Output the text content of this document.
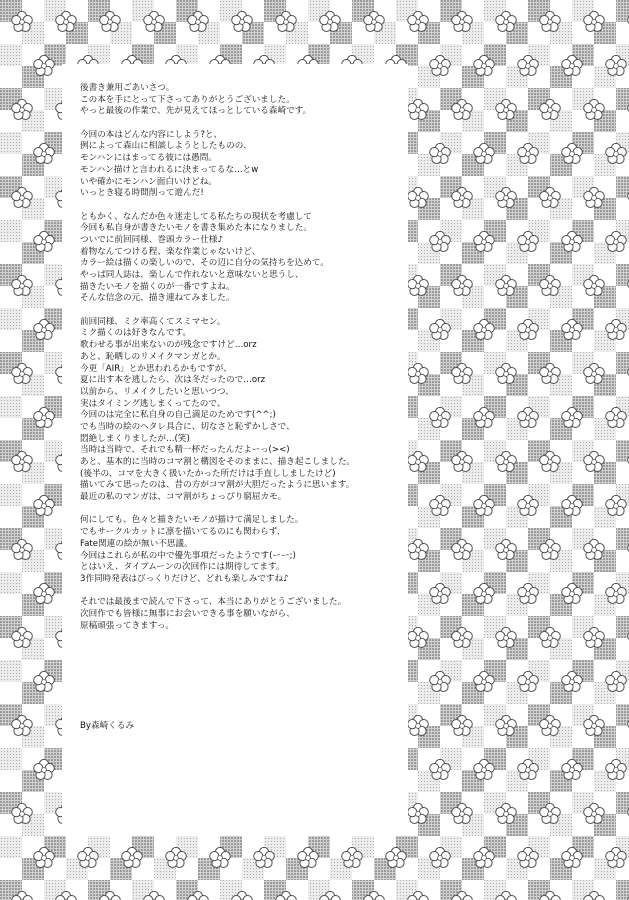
後書き兼用ごあいさつ。
この本を手にとって下さってありがとうございました。
やっと最後の作業で、先が見えてほっとしている森崎です。
今回の本はどんな内容にしよう?と、
例によって森山に相談しようとしたものの、
モンハンにはまってる彼には愚問。
モンハン描けと言われるに決まってるな…とw
いや確かにモンハン面白いけどね。
いっとき寝る時間削って遊んだ!
ともかく、なんだか色々迷走してる私たちの現状を考慮して
今回も私自身が書きたいモノを書き集めた本になりました。
ついでに前回同様、巻頭カラー仕様♪
着物なんてつける程、楽な作業じゃないけど、
カラー絵は描くの楽しいので、その辺に自分の気持ちを込めて。
やっぱ同人誌は、楽しんで作れないと意味ないと思うし、
描きたいモノを描くのが一番ですよね。
そんな信念の元、描き連ねてみました。
前回同様、ミク率高くてスミマセン。
ミク描くのは好きなんです。
歌わせる事が出来ないのが残念ですけど…orz
あと、恥晒しのリメイクマンガとか。
今更「AIR」とか思われるかもですが、
夏に出す本を逃したら、次は冬だったので…orz
以前から、リメイクしたいと思いつつ、
実はタイミング逃しまくってたので、
今回のは完全に私自身の自己満足のためです(^^;)
でも当時の絵のヘタレ具合に、切なさと恥ずかしさで、
悶絶しまくりましたが…(笑)
当時は当時で、それでも精一杯だったんだよーっ(><)
あと、基本的に当時のコマ割と構図をそのままに、描き起こしました。
(後半の、コマを大きく扱いたかった所だけは手直ししましたけど)
描いてみて思ったのは、昔の方がコマ割が大胆だったように思います。
最近の私のマンガは、コマ割がちょっぴり窮屈カモ。
何にしても、色々と描きたいモノが描けて満足しました。
でもサークルカットに凛を描いてるのにも関わらず、
Fate関連の絵が無い不思議。
今回はこれらが私の中で優先事項だったようです(ーー;)
とはいえ、タイプムーンの次回作には期待してます。
3作同時発表はびっくりだけど、どれも楽しみですね♪
それでは最後まで読んで下さって、本当にありがとうございました。
次回作でも皆様に無事にお会いできる事を願いながら、
原稿頑張ってきますっ。
By森崎くるみ
